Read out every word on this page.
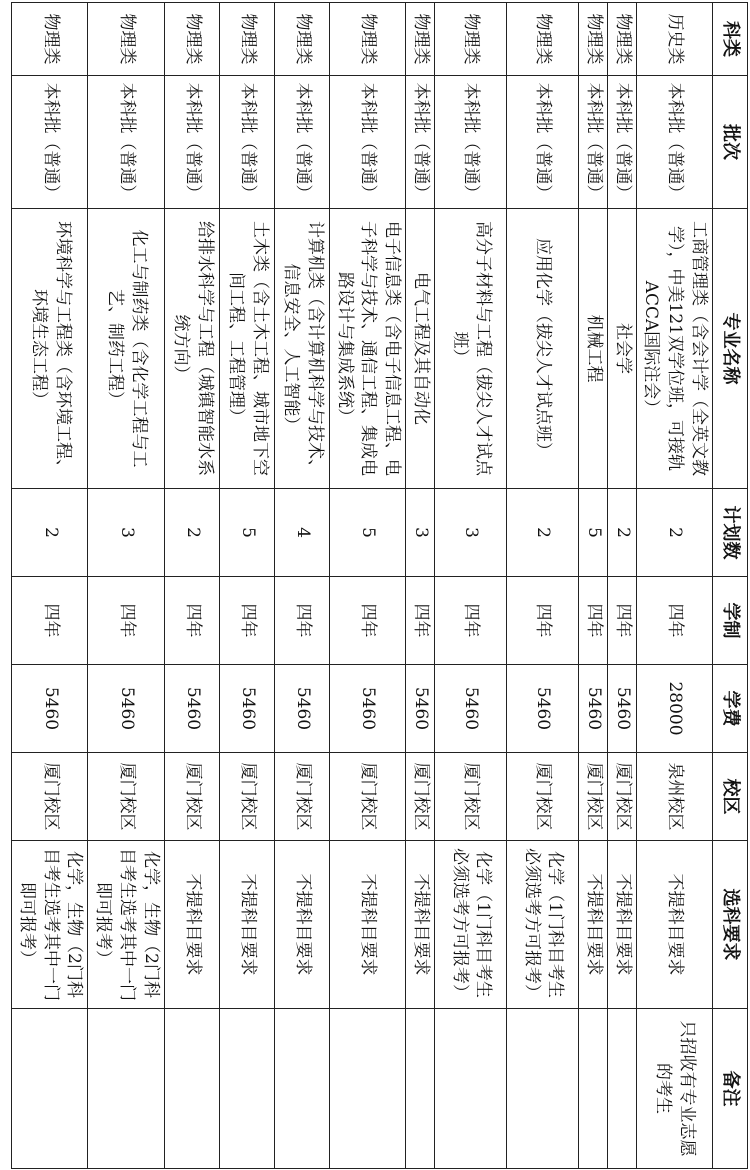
科类	批次	专业名称	计划数	学制	学费	校区	选科要求	备注
历史类	本科批（普通）	工商管理类（含会计学（全英文教学），中美121双学位班，可接轨ACCA国际注会）	2	四年	28000	泉州校区	不提科目要求	只招收有专业志愿的考生
物理类	本科批（普通）	社会学	2	四年	5460	厦门校区	不提科目要求	
物理类	本科批（普通）	机械工程	5	四年	5460	厦门校区	不提科目要求	
物理类	本科批（普通）	应用化学（拔尖人才试点班）	2	四年	5460	厦门校区	化学（1门科目考生必须选考方可报考）	
物理类	本科批（普通）	高分子材料与工程（拔尖人才试点班）	3	四年	5460	厦门校区	化学（1门科目考生必须选考方可报考）	
物理类	本科批（普通）	电气工程及其自动化	3	四年	5460	厦门校区	不提科目要求	
物理类	本科批（普通）	电子信息类（含电子信息工程、电子科学与技术、通信工程、集成电路设计与集成系统）	5	四年	5460	厦门校区	不提科目要求	
物理类	本科批（普通）	计算机类（含计算机科学与技术、信息安全、人工智能）	4	四年	5460	厦门校区	不提科目要求	
物理类	本科批（普通）	土木类（含土木工程、城市地下空间工程、工程管理）	5	四年	5460	厦门校区	不提科目要求	
物理类	本科批（普通）	给排水科学与工程（城镇智能水系统方向）	2	四年	5460	厦门校区	不提科目要求	
物理类	本科批（普通）	化工与制药类（含化学工程与工艺、制药工程）	3	四年	5460	厦门校区	化学，生物（2门科目考生选考其中一门即可报考）	
物理类	本科批（普通）	环境科学与工程类（含环境工程、环境生态工程）	2	四年	5460	厦门校区	化学，生物（2门科目考生选考其中一门即可报考）	
